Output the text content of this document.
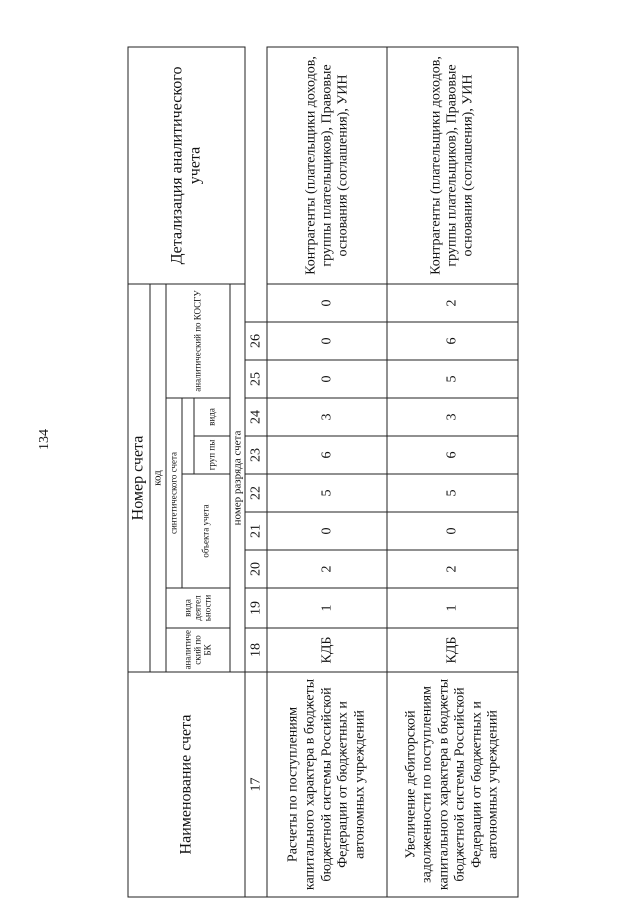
134
Наименование счета	Номер счета										Детализация аналитического учета
	код										
	аналитиче ский по БК	вида деятел ьности	синтетического счета					аналитический по КОСГУ			
			объекта учета								
						груп пы	вида				
	номер разряда счета										
17	18	19	20	21	22	23	24	25	26		
Расчеты по поступлениям капитального характера в бюджеты бюджетной системы Российской Федерации от бюджетных и автономных учреждений	КДБ	1	2	0	5	6	3	0	0	0	Контрагенты (плательщики доходов, группы плательщиков), Правовые основания (соглашения), УИН
Увеличение дебиторской задолженности по поступлениям капитального характера в бюджеты бюджетной системы Российской Федерации от бюджетных и автономных учреждений	КДБ	1	2	0	5	6	3	5	6	2	Контрагенты (плательщики доходов, группы плательщиков), Правовые основания (соглашения), УИН
